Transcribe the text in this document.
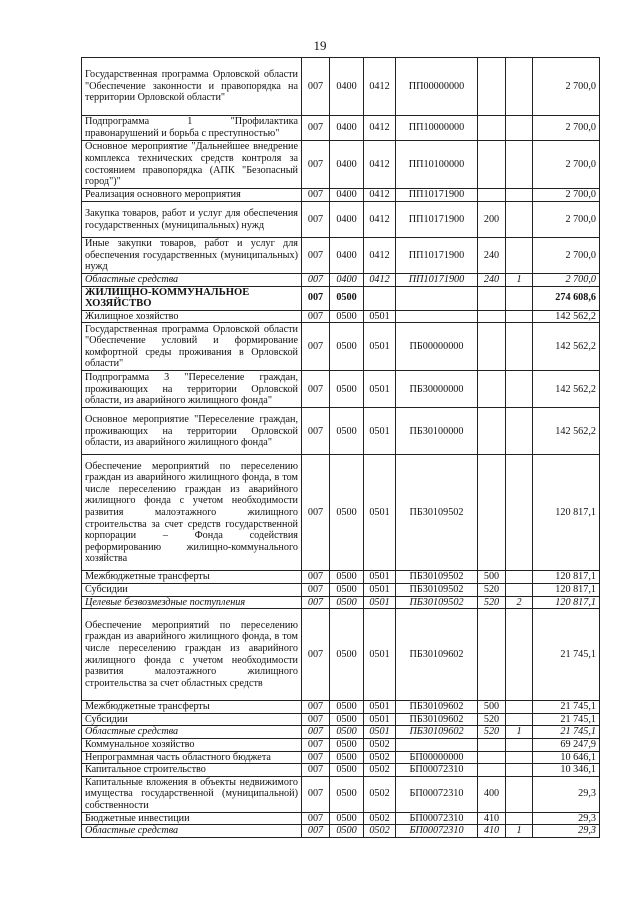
19
Государственная программа Орловской области "Обеспечение законности и правопорядка на территории Орловской области"	007	0400	0412	ПП00000000			2 700,0
Подпрограмма 1 "Профилактика правонарушений и борьба с преступностью"	007	0400	0412	ПП10000000			2 700,0
Основное мероприятие "Дальнейшее внедрение комплекса технических средств контроля за состоянием правопорядка (АПК "Безопасный город")"	007	0400	0412	ПП10100000			2 700,0
Реализация основного мероприятия	007	0400	0412	ПП10171900			2 700,0
Закупка товаров, работ и услуг для обеспечения государственных (муниципальных) нужд	007	0400	0412	ПП10171900	200		2 700,0
Иные закупки товаров, работ и услуг для обеспечения государственных (муниципальных) нужд	007	0400	0412	ПП10171900	240		2 700,0
Областные средства	007	0400	0412	ПП10171900	240	1	2 700,0
ЖИЛИЩНО-КОММУНАЛЬНОЕ ХОЗЯЙСТВО	007	0500					274 608,6
Жилищное хозяйство	007	0500	0501				142 562,2
Государственная программа Орловской области "Обеспечение условий и формирование комфортной среды проживания в Орловской области"	007	0500	0501	ПБ00000000			142 562,2
Подпрограмма 3 "Переселение граждан, проживающих на территории Орловской области, из аварийного жилищного фонда"	007	0500	0501	ПБ30000000			142 562,2
Основное мероприятие "Переселение граждан, проживающих на территории Орловской области, из аварийного жилищного фонда"	007	0500	0501	ПБ30100000			142 562,2
Обеспечение мероприятий по переселению граждан из аварийного жилищного фонда, в том числе переселению граждан из аварийного жилищного фонда с учетом необходимости развития малоэтажного жилищного строительства за счет средств государственной корпорации – Фонда содействия реформированию жилищно-коммунального хозяйства	007	0500	0501	ПБ30109502			120 817,1
Межбюджетные трансферты	007	0500	0501	ПБ30109502	500		120 817,1
Субсидии	007	0500	0501	ПБ30109502	520		120 817,1
Целевые безвозмездные поступления	007	0500	0501	ПБ30109502	520	2	120 817,1
Обеспечение мероприятий по переселению граждан из аварийного жилищного фонда, в том числе переселению граждан из аварийного жилищного фонда с учетом необходимости развития малоэтажного жилищного строительства за счет областных средств	007	0500	0501	ПБ30109602			21 745,1
Межбюджетные трансферты	007	0500	0501	ПБ30109602	500		21 745,1
Субсидии	007	0500	0501	ПБ30109602	520		21 745,1
Областные средства	007	0500	0501	ПБ30109602	520	1	21 745,1
Коммунальное хозяйство	007	0500	0502				69 247,9
Непрограммная часть областного бюджета	007	0500	0502	БП00000000			10 646,1
Капитальное строительство	007	0500	0502	БП00072310			10 346,1
Капитальные вложения в объекты недвижимого имущества государственной (муниципальной) собственности	007	0500	0502	БП00072310	400		29,3
Бюджетные инвестиции	007	0500	0502	БП00072310	410		29,3
Областные средства	007	0500	0502	БП00072310	410	1	29,3
